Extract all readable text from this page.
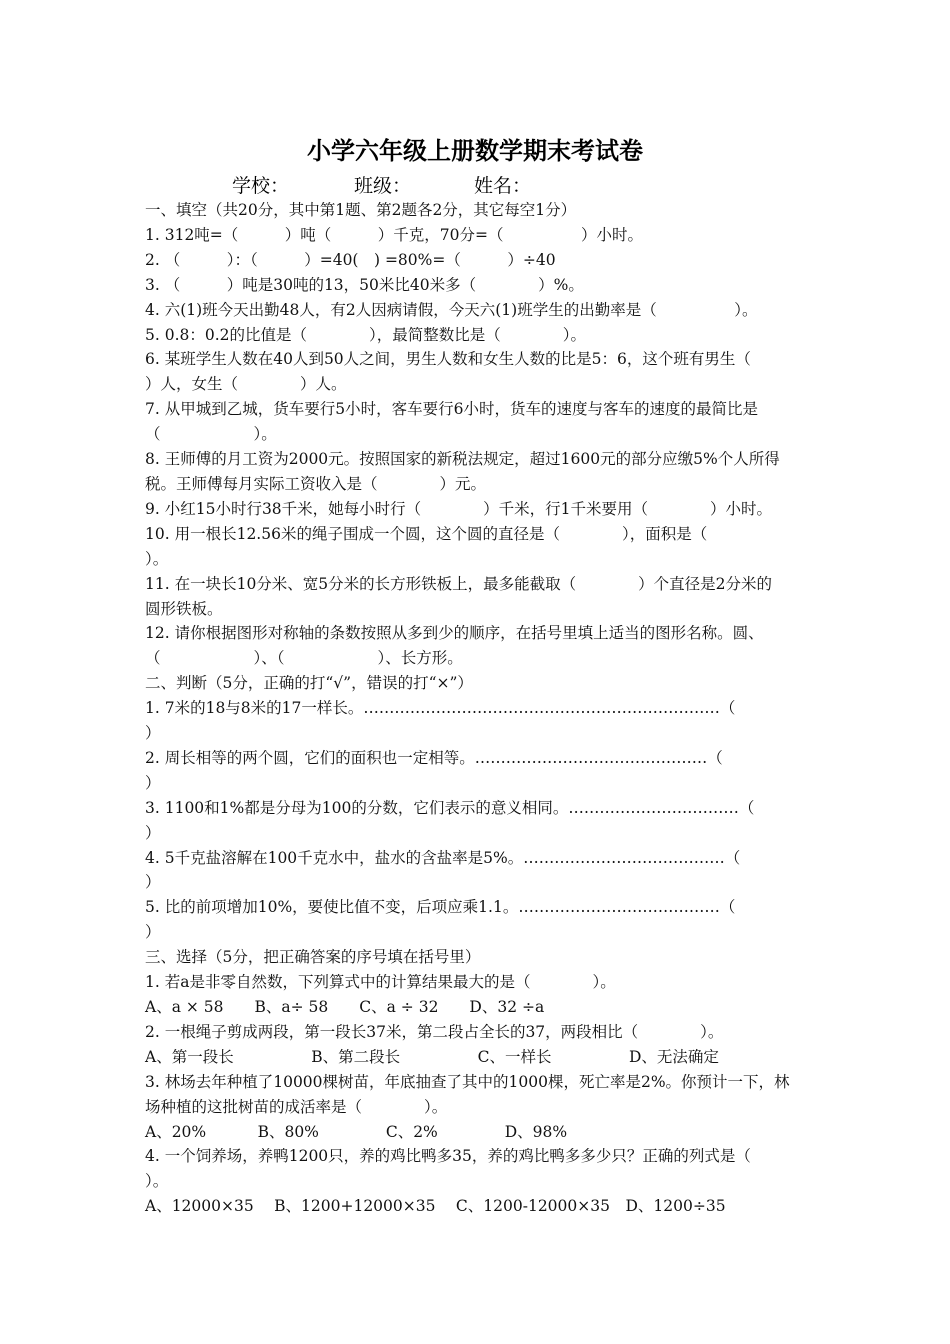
小学六年级上册数学期末考试卷
学校：	班级：	姓名：

一、填空（共20分，其中第1题、第2题各2分，其它每空1分）

1. 312吨=（　　　）吨（　　　）千克，70分=（　　　　　）小时。

2. （　　　）：（　　　）=40(　) =80%=（　　　）÷40

3. （　　　）吨是30吨的13，50米比40米多（　　　　）%。

4. 六(1)班今天出勤48人，有2人因病请假，今天六(1)班学生的出勤率是（　　　　　）。

5. 0.8：0.2的比值是（　　　　），最简整数比是（　　　　）。

6. 某班学生人数在40人到50人之间，男生人数和女生人数的比是5：6，这个班有男生（

）人，女生（　　　　）人。

7. 从甲城到乙城，货车要行5小时，客车要行6小时，货车的速度与客车的速度的最简比是

（　　　　　　）。

8. 王师傅的月工资为2000元。按照国家的新税法规定，超过1600元的部分应缴5%个人所得

税。王师傅每月实际工资收入是（　　　　）元。

9. 小红15小时行38千米，她每小时行（　　　　）千米，行1千米要用（　　　　）小时。

10. 用一根长12.56米的绳子围成一个圆，这个圆的直径是（　　　　），面积是（

）。

11. 在一块长10分米、宽5分米的长方形铁板上，最多能截取（　　　　）个直径是2分米的

圆形铁板。

12. 请你根据图形对称轴的条数按照从多到少的顺序，在括号里填上适当的图形名称。圆、

（　　　　　　）、（　　　　　　）、长方形。

二、判断（5分，正确的打“√”，错误的打“×”）

1. 7米的18与8米的17一样长。……………………………………………………………（

）

2. 周长相等的两个圆，它们的面积也一定相等。………………………………………（

）

3. 1100和1%都是分母为100的分数，它们表示的意义相同。……………………………（

）

4. 5千克盐溶解在100千克水中，盐水的含盐率是5%。…………………………………（

）

5. 比的前项增加10%，要使比值不变，后项应乘1.1。…………………………………（

）

三、选择（5分，把正确答案的序号填在括号里）

1. 若a是非零自然数，下列算式中的计算结果最大的是（　　　　）。

A、a × 58　　B、a÷ 58　　C、a ÷ 32　　D、32 ÷a

2. 一根绳子剪成两段，第一段长37米，第二段占全长的37，两段相比（　　　　）。

A、第一段长　　　　　B、第二段长　　　　　C、一样长　　　　　D、无法确定

3. 林场去年种植了10000棵树苗，年底抽查了其中的1000棵，死亡率是2%。你预计一下，林

场种植的这批树苗的成活率是（　　　　）。

A、20%　　　 B、80%　　　　 C、2%　　　　 D、98%

4. 一个饲养场，养鸭1200只，养的鸡比鸭多35，养的鸡比鸭多多少只？正确的列式是（

）。

A、12000×35　 B、1200+12000×35　 C、1200-12000×35　D、1200÷35
